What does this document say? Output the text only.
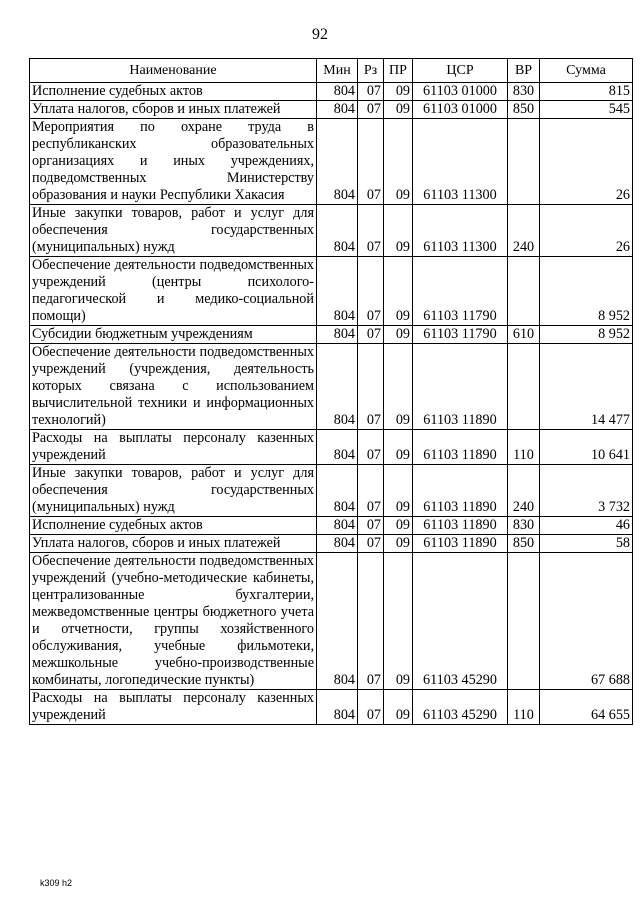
92
Наименование	Мин	Рз	ПР	ЦСР	ВР	Сумма
Исполнение судебных актов	804	07	09	61103 01000	830	815
Уплата налогов, сборов и иных платежей	804	07	09	61103 01000	850	545
Мероприятия по охране труда в республиканских образовательных организациях и иных учреждениях, подведомственных Министерству образования и науки Республики Хакасия	804	07	09	61103 11300		26
Иные закупки товаров, работ и услуг для обеспечения государственных (муниципальных) нужд	804	07	09	61103 11300	240	26
Обеспечение деятельности подведомственных учреждений (центры психолого-педагогической и медико-социальной помощи)	804	07	09	61103 11790		8 952
Субсидии бюджетным учреждениям	804	07	09	61103 11790	610	8 952
Обеспечение деятельности подведомственных учреждений (учреждения, деятельность которых связана с использованием вычислительной техники и информационных технологий)	804	07	09	61103 11890		14 477
Расходы на выплаты персоналу казенных учреждений	804	07	09	61103 11890	110	10 641
Иные закупки товаров, работ и услуг для обеспечения государственных (муниципальных) нужд	804	07	09	61103 11890	240	3 732
Исполнение судебных актов	804	07	09	61103 11890	830	46
Уплата налогов, сборов и иных платежей	804	07	09	61103 11890	850	58
Обеспечение деятельности подведомственных учреждений (учебно-методические кабинеты, централизованные бухгалтерии, межведомственные центры бюджетного учета и отчетности, группы хозяйственного обслуживания, учебные фильмотеки, межшкольные учебно-производственные комбинаты, логопедические пункты)	804	07	09	61103 45290		67 688
Расходы на выплаты персоналу казенных учреждений	804	07	09	61103 45290	110	64 655
k309 h2
